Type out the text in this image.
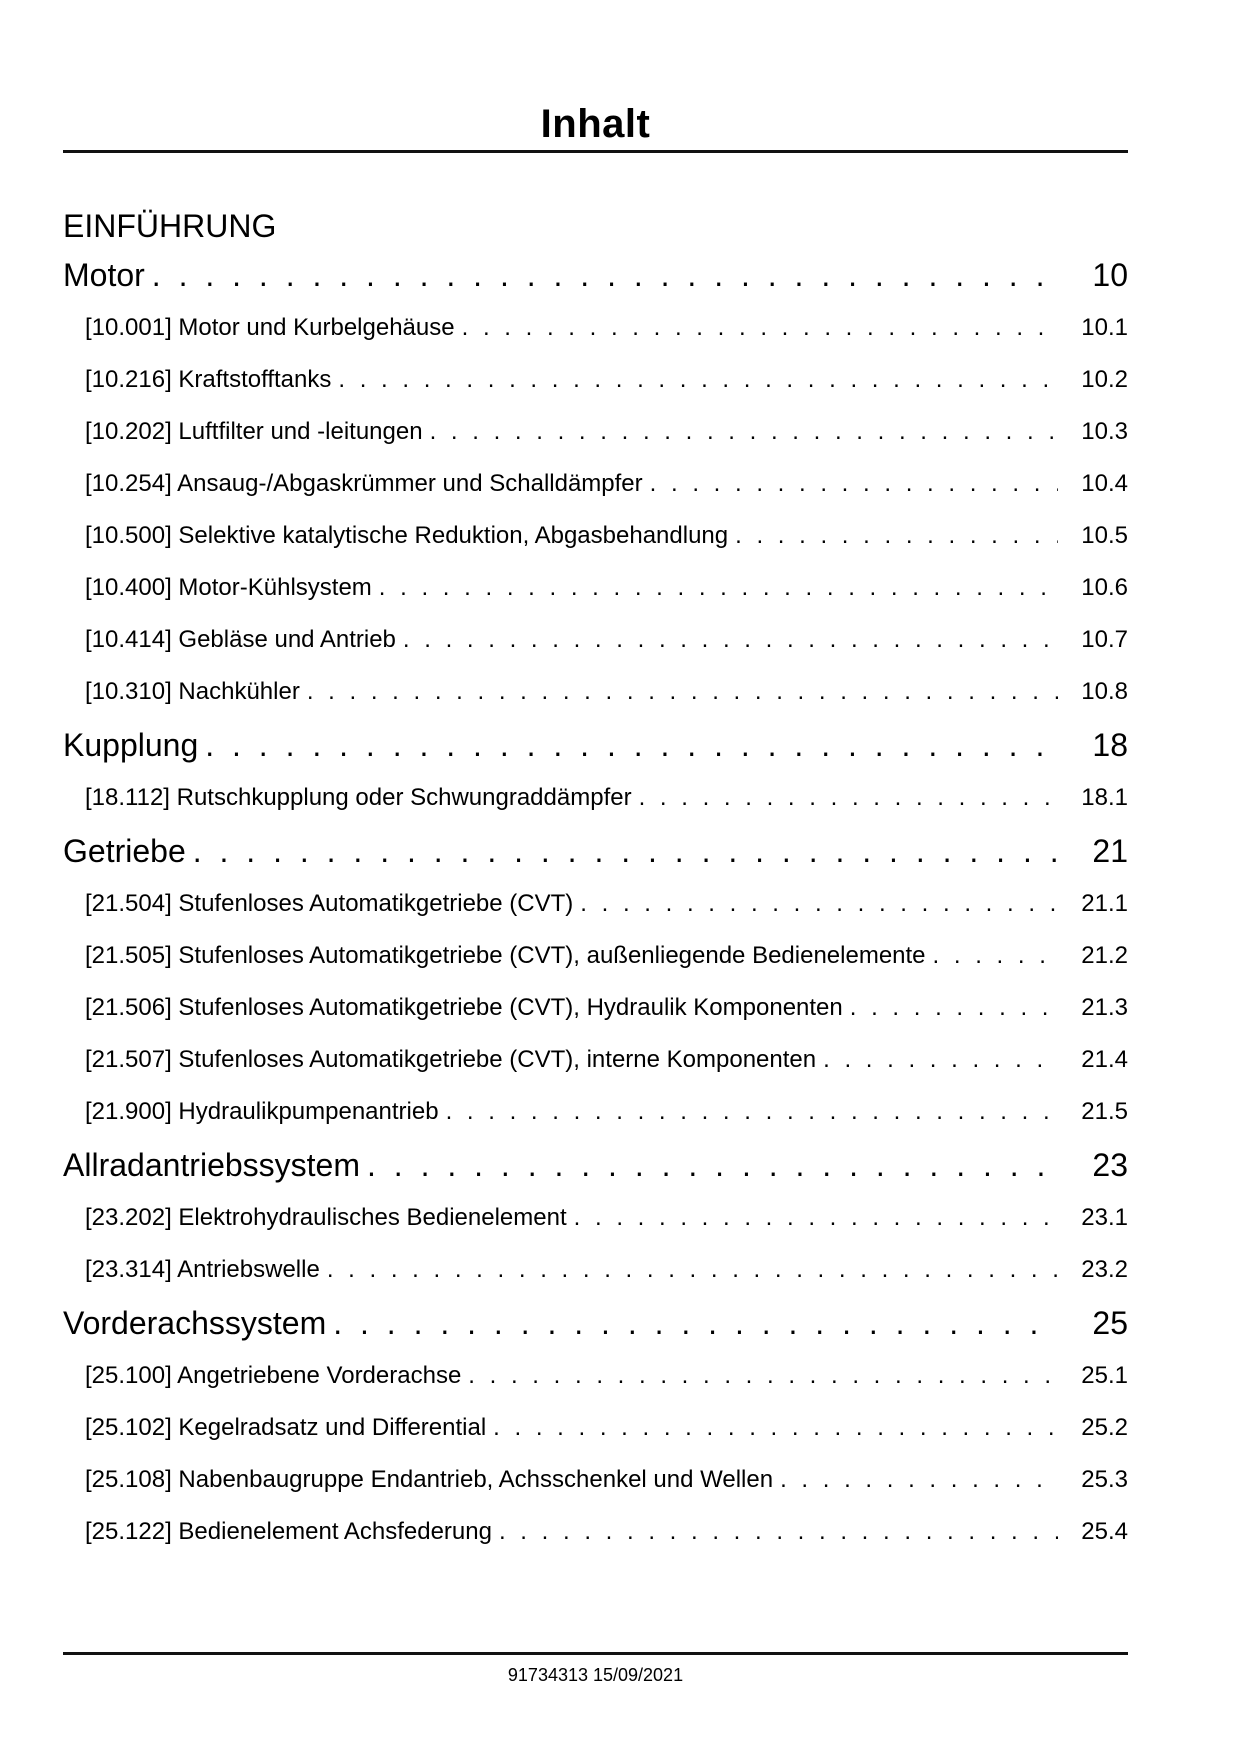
Inhalt
EINFÜHRUNG
Motor . . .	10
[10.001] Motor und Kurbelgehäuse . . .	10.1
[10.216] Kraftstofftanks . . .	10.2
[10.202] Luftfilter und -leitungen . . .	10.3
[10.254] Ansaug-/Abgaskrümmer und Schalldämpfer . . .	10.4
[10.500] Selektive katalytische Reduktion, Abgasbehandlung . . .	10.5
[10.400] Motor-Kühlsystem . . .	10.6
[10.414] Gebläse und Antrieb . . .	10.7
[10.310] Nachkühler . . .	10.8
Kupplung . . .	18
[18.112] Rutschkupplung oder Schwungraddämpfer . . .	18.1
Getriebe . . .	21
[21.504] Stufenloses Automatikgetriebe (CVT) . . .	21.1
[21.505] Stufenloses Automatikgetriebe (CVT), außenliegende Bedienelemente . . .	21.2
[21.506] Stufenloses Automatikgetriebe (CVT), Hydraulik Komponenten . . .	21.3
[21.507] Stufenloses Automatikgetriebe (CVT), interne Komponenten . . .	21.4
[21.900] Hydraulikpumpenantrieb . . .	21.5
Allradantriebssystem . . .	23
[23.202] Elektrohydraulisches Bedienelement . . .	23.1
[23.314] Antriebswelle . . .	23.2
Vorderachssystem . . .	25
[25.100] Angetriebene Vorderachse . . .	25.1
[25.102] Kegelradsatz und Differential . . .	25.2
[25.108] Nabenbaugruppe Endantrieb, Achsschenkel und Wellen . . .	25.3
[25.122] Bedienelement Achsfederung . . .	25.4
91734313 15/09/2021
